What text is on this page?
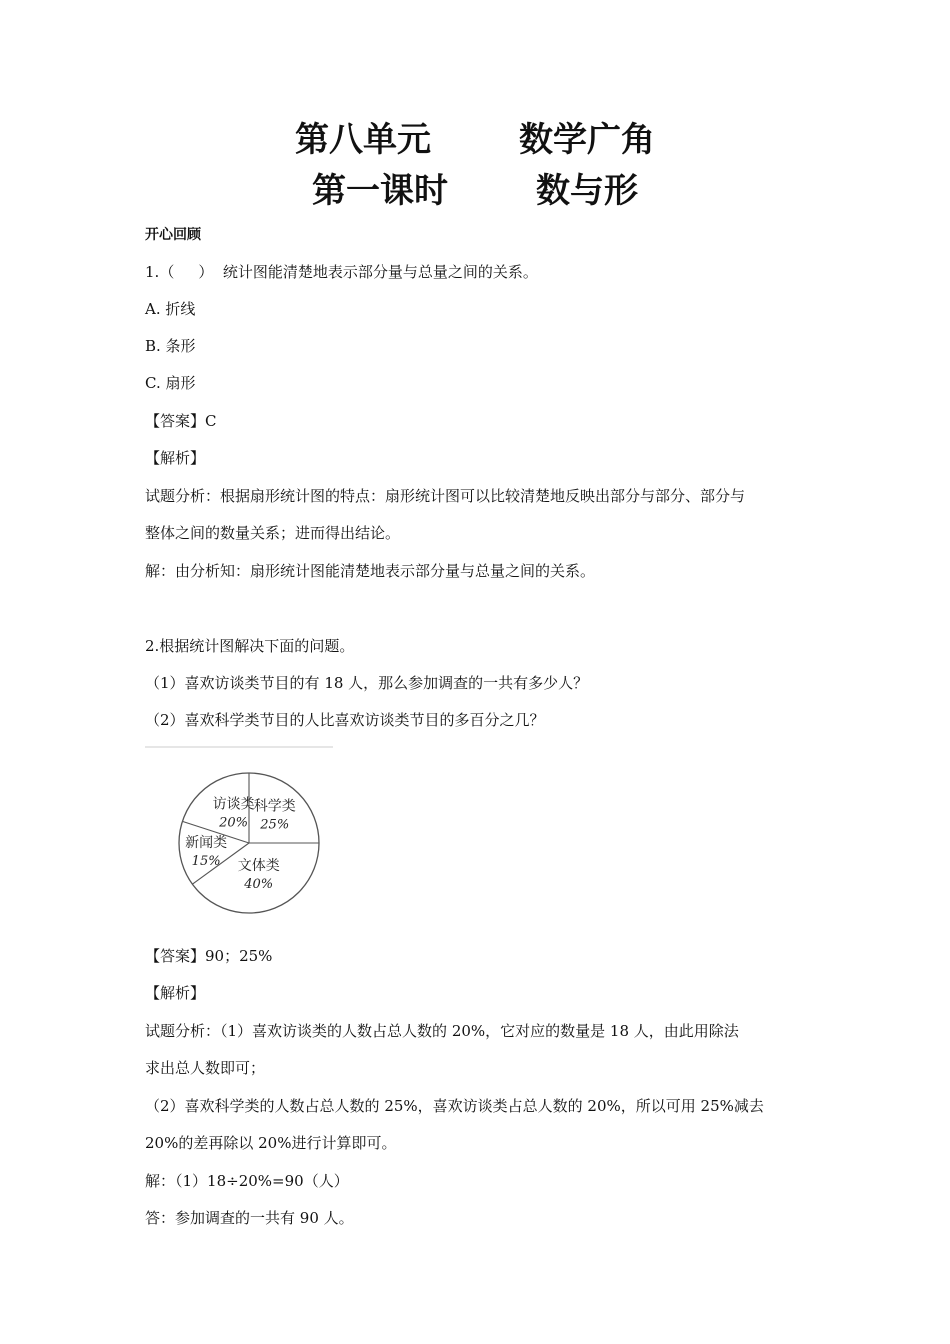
第八单元	数学广角
第一课时	数与形
开心回顾
1.（ ） 统计图能清楚地表示部分量与总量之间的关系。
A. 折线
B. 条形
C. 扇形
【答案】C
【解析】
试题分析：根据扇形统计图的特点：扇形统计图可以比较清楚地反映出部分与部分、部分与
整体之间的数量关系；进而得出结论。
解：由分析知：扇形统计图能清楚地表示部分量与总量之间的关系。
2.根据统计图解决下面的问题。
（1）喜欢访谈类节目的有 18 人，那么参加调查的一共有多少人？
（2）喜欢科学类节目的人比喜欢访谈类节目的多百分之几？
科学类
25%
文体类
40%
新闻类
15%
访谈类
20%
【答案】90；25%
【解析】
试题分析：（1）喜欢访谈类的人数占总人数的 20%，它对应的数量是 18 人，由此用除法
求出总人数即可；
（2）喜欢科学类的人数占总人数的 25%，喜欢访谈类占总人数的 20%，所以可用 25%减去
20%的差再除以 20%进行计算即可。
解：（1）18÷20%=90（人）
答：参加调查的一共有 90 人。
